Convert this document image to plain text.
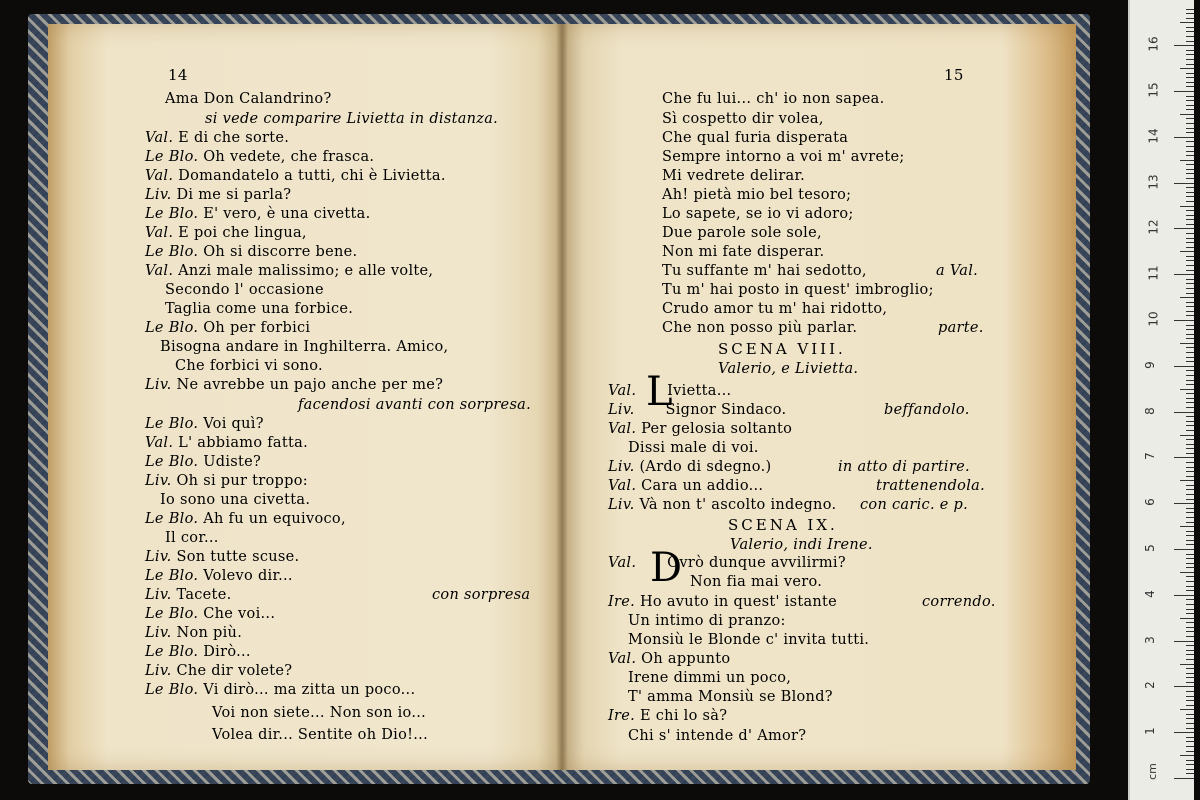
14	15
Ama Don Calandrino?
si vede comparire Livietta in distanza.
Val. E di che sorte.
Le Blo. Oh vedete, che frasca.
Val. Domandatelo a tutti, chi è Livietta.
Liv. Di me si parla?
Le Blo. E' vero, è una civetta.
Val. E poi che lingua,
Le Blo. Oh si discorre bene.
Val. Anzi male malissimo; e alle volte,
Secondo l' occasione
Taglia come una forbice.
Le Blo. Oh per forbici
Bisogna andare in Inghilterra. Amico,
Che forbici vi sono.
Liv. Ne avrebbe un pajo anche per me?
facendosi avanti con sorpresa.
Le Blo. Voi quì?
Val. L' abbiamo fatta.
Le Blo. Udiste?
Liv. Oh si pur troppo:
Io sono una civetta.
Le Blo. Ah fu un equivoco,
Il cor...
Liv. Son tutte scuse.
Le Blo. Volevo dir...
Liv. Tacete.	con sorpresa
Le Blo. Che voi...
Liv. Non più.
Le Blo. Dirò...
Liv. Che dir volete?
Le Blo. Vi dirò... ma zitta un poco...
Voi non siete... Non son io...
Volea dir... Sentite oh Dio!...
Che fu lui... ch' io non sapea.
Sì cospetto dir volea,
Che qual furia disperata
Sempre intorno a voi m' avrete;
Mi vedrete delirar.
Ah! pietà mio bel tesoro;
Lo sapete, se io vi adoro;
Due parole sole sole,
Non mi fate disperar.
Tu suffante m' hai sedotto,	a Val.
Tu m' hai posto in quest' imbroglio;
Crudo amor tu m' hai ridotto,
Che non posso più parlar.	parte.
SCENA VIII.
Valerio, e Livietta.
Val. Ivietta...
Liv. Signor Sindaco.	beffandolo.
Val. Per gelosia soltanto
Dissi male di voi.
Liv. (Ardo di sdegno.)	in atto di partire.
Val. Cara un addio...	trattenendola.
Liv. Và non t' ascolto indegno. con caric. e p.
SCENA IX.
Valerio, indi Irene.
Val. Ovrò dunque avvilirmi?
Non fia mai vero.
Ire. Ho avuto in quest' istante	correndo.
Un intimo di pranzo:
Monsiù le Blonde c' invita tutti.
Val. Oh appunto
Irene dimmi un poco,
T' amma Monsiù se Blond?
Ire. E chi lo sà?
Chi s' intende d' Amor?
L
D
cm
1
2
3
4
5
6
7
8
9
10
11
12
13
14
15
16
